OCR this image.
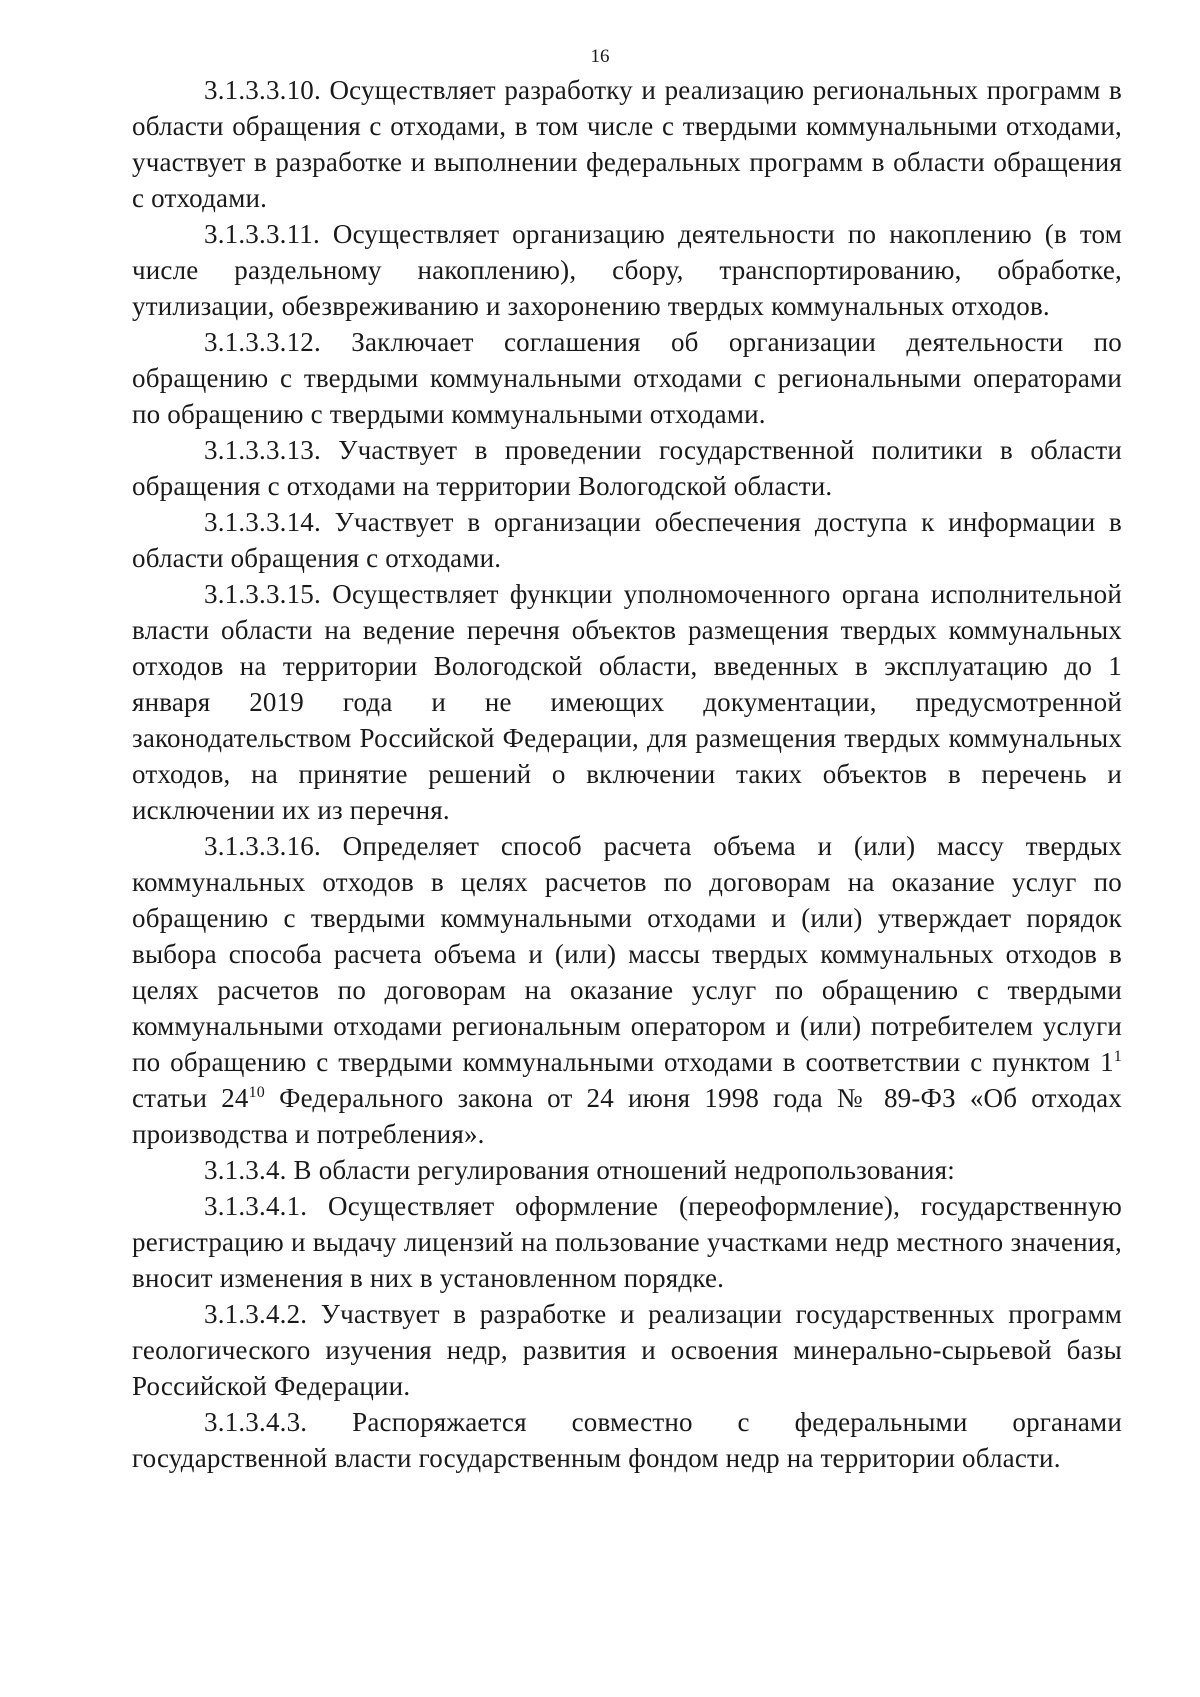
16

3.1.3.3.10. Осуществляет разработку и реализацию региональных программ в области обращения с отходами, в том числе с твердыми коммунальными отходами, участвует в разработке и выполнении федеральных программ в области обращения с отходами.

3.1.3.3.11. Осуществляет организацию деятельности по накоплению (в том числе раздельному накоплению), сбору, транспортированию, обработке, утилизации, обезвреживанию и захоронению твердых коммунальных отходов.

3.1.3.3.12. Заключает соглашения об организации деятельности по обращению с твердыми коммунальными отходами с региональными операторами по обращению с твердыми коммунальными отходами.

3.1.3.3.13. Участвует в проведении государственной политики в области обращения с отходами на территории Вологодской области.

3.1.3.3.14. Участвует в организации обеспечения доступа к информации в области обращения с отходами.

3.1.3.3.15. Осуществляет функции уполномоченного органа исполнительной власти области на ведение перечня объектов размещения твердых коммунальных отходов на территории Вологодской области, введенных в эксплуатацию до 1 января 2019 года и не имеющих документации, предусмотренной законодательством Российской Федерации, для размещения твердых коммунальных отходов, на принятие решений о включении таких объектов в перечень и исключении их из перечня.

3.1.3.3.16. Определяет способ расчета объема и (или) массу твердых коммунальных отходов в целях расчетов по договорам на оказание услуг по обращению с твердыми коммунальными отходами и (или) утверждает порядок выбора способа расчета объема и (или) массы твердых коммунальных отходов в целях расчетов по договорам на оказание услуг по обращению с твердыми коммунальными отходами региональным оператором и (или) потребителем услуги по обращению с твердыми коммунальными отходами в соответствии с пунктом $1^1$ статьи $24^{10}$ Федерального закона от 24 июня 1998 года № 89-ФЗ «Об отходах производства и потребления».

3.1.3.4. В области регулирования отношений недропользования:

3.1.3.4.1. Осуществляет оформление (переоформление), государственную регистрацию и выдачу лицензий на пользование участками недр местного значения, вносит изменения в них в установленном порядке.

3.1.3.4.2. Участвует в разработке и реализации государственных программ геологического изучения недр, развития и освоения минерально-сырьевой базы Российской Федерации.

3.1.3.4.3. Распоряжается совместно с федеральными органами государственной власти государственным фондом недр на территории области.
